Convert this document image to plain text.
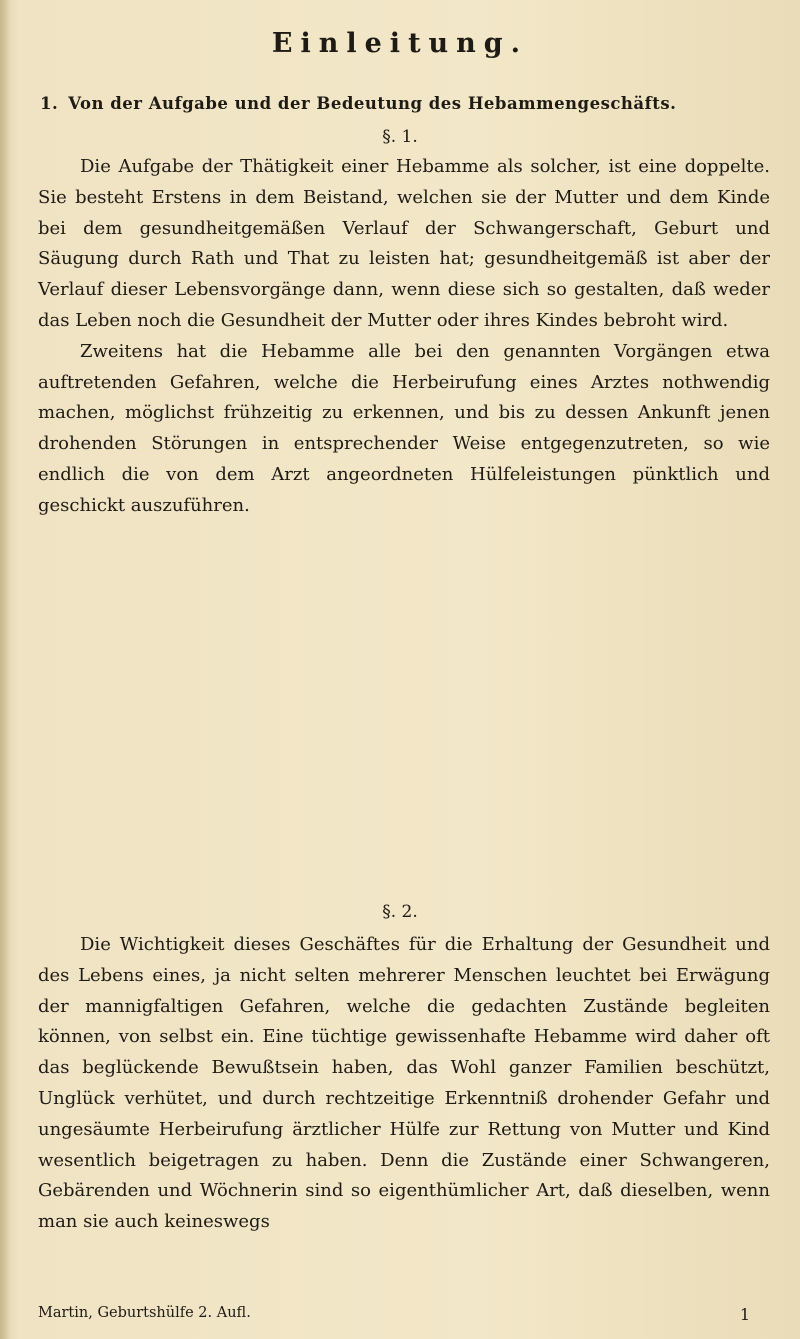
Einleitung.
1. Von der Aufgabe und der Bedeutung des Hebammengeschäfts.
§. 1.

Die Aufgabe der Thätigkeit einer Hebamme als solcher, ist eine doppelte. Sie besteht Erstens in dem Beistand, welchen sie der Mutter und dem Kinde bei dem gesundheitgemäßen Verlauf der Schwangerschaft, Geburt und Säugung durch Rath und That zu leisten hat; gesundheitgemäß ist aber der Verlauf dieser Lebensvorgänge dann, wenn diese sich so gestalten, daß weder das Leben noch die Gesundheit der Mutter oder ihres Kindes bebroht wird.

Zweitens hat die Hebamme alle bei den genannten Vorgängen etwa auftretenden Gefahren, welche die Herbeirufung eines Arztes nothwendig machen, möglichst frühzeitig zu erkennen, und bis zu dessen Ankunft jenen drohenden Störungen in entsprechender Weise entgegenzutreten, so wie endlich die von dem Arzt angeordneten Hülfeleistungen pünktlich und geschickt auszuführen.

§. 2.

Die Wichtigkeit dieses Geschäftes für die Erhaltung der Gesundheit und des Lebens eines, ja nicht selten mehrerer Menschen leuchtet bei Erwägung der mannigfaltigen Gefahren, welche die gedachten Zustände begleiten können, von selbst ein. Eine tüchtige gewissenhafte Hebamme wird daher oft das beglückende Bewußtsein haben, das Wohl ganzer Familien beschützt, Unglück verhütet, und durch rechtzeitige Erkenntniß drohender Gefahr und ungesäumte Herbeirufung ärztlicher Hülfe zur Rettung von Mutter und Kind wesentlich beigetragen zu haben. Denn die Zustände einer Schwangeren, Gebärenden und Wöchnerin sind so eigenthümlicher Art, daß dieselben, wenn man sie auch keineswegs

Martin, Geburtshülfe 2. Aufl.	1
